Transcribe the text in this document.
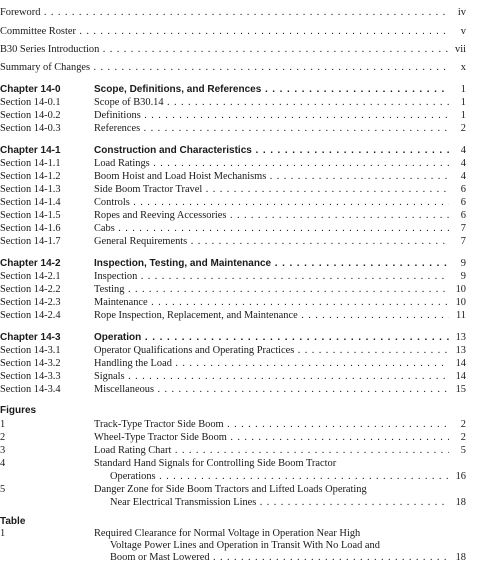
Foreword . . .	iv
Committee Roster . . .	v
B30 Series Introduction . . .	vii
Summary of Changes . . .	x
Chapter 14-0	Scope, Definitions, and References . . .	1
Section 14-0.1	Scope of B30.14 . . .	1
Section 14-0.2	Definitions . . .	1
Section 14-0.3	References . . .	2
Chapter 14-1	Construction and Characteristics . . .	4
Section 14-1.1	Load Ratings . . .	4
Section 14-1.2	Boom Hoist and Load Hoist Mechanisms . . .	4
Section 14-1.3	Side Boom Tractor Travel . . .	6
Section 14-1.4	Controls . . .	6
Section 14-1.5	Ropes and Reeving Accessories . . .	6
Section 14-1.6	Cabs . . .	7
Section 14-1.7	General Requirements . . .	7
Chapter 14-2	Inspection, Testing, and Maintenance . . .	9
Section 14-2.1	Inspection . . .	9
Section 14-2.2	Testing . . .	10
Section 14-2.3	Maintenance . . .	10
Section 14-2.4	Rope Inspection, Replacement, and Maintenance . . .	11
Chapter 14-3	Operation . . .	13
Section 14-3.1	Operator Qualifications and Operating Practices . . .	13
Section 14-3.2	Handling the Load . . .	14
Section 14-3.3	Signals . . .	14
Section 14-3.4	Miscellaneous . . .	15
Figures
1	Track-Type Tractor Side Boom . . .	2
2	Wheel-Type Tractor Side Boom . . .	2
3	Load Rating Chart . . .	5
4	Standard Hand Signals for Controlling Side Boom Tractor
Operations . . .	16
5	Danger Zone for Side Boom Tractors and Lifted Loads Operating
Near Electrical Transmission Lines . . .	18
Table
1	Required Clearance for Normal Voltage in Operation Near High
Voltage Power Lines and Operation in Transit With No Load and
Boom or Mast Lowered . . .	18
